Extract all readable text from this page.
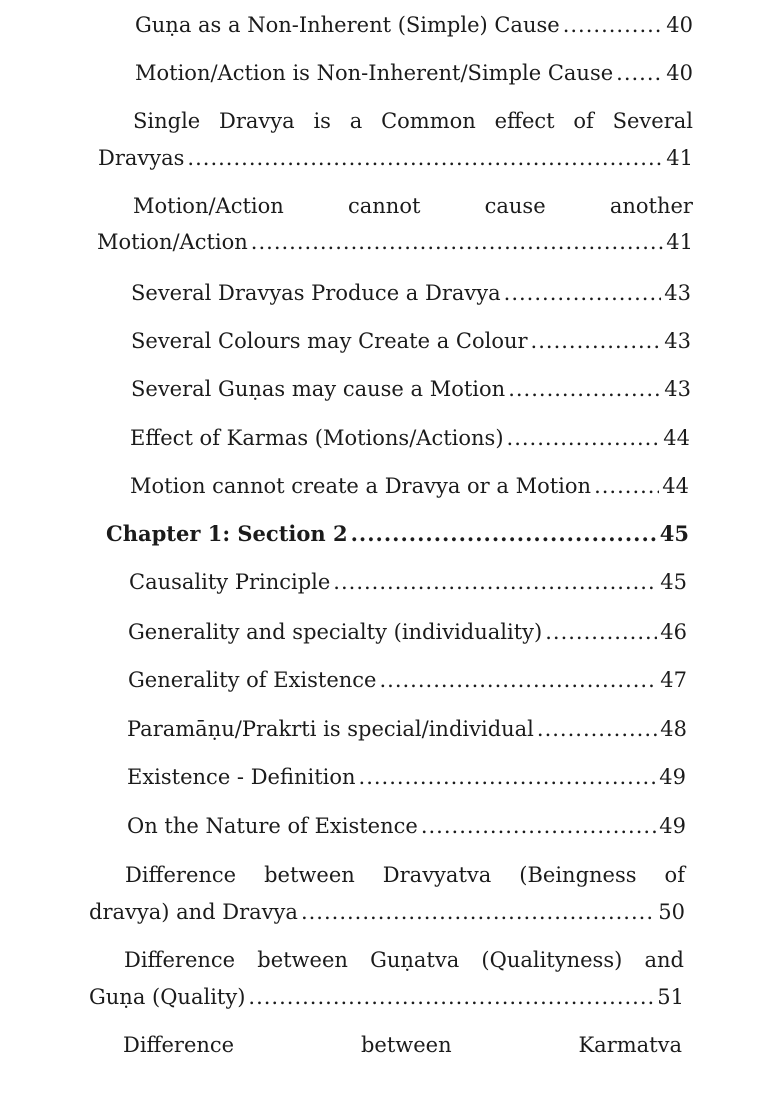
Guṇa as a Non-Inherent (Simple) Cause .....	40
Motion/Action is Non-Inherent/Simple Cause .....	40
Single Dravya is a Common effect of Several
Dravyas .....	41
Motion/Action	cannot	cause	another
Motion/Action .....	41
Several Dravyas Produce a Dravya .....	43
Several Colours may Create a Colour .....	43
Several Guṇas may cause a Motion .....	43
Effect of Karmas (Motions/Actions) .....	44
Motion cannot create a Dravya or a Motion .....	44
Chapter 1: Section 2 .....	45
Causality Principle .....	45
Generality and specialty (individuality) .....	46
Generality of Existence .....	47
Paramāṇu/Prakrti is special/individual .....	48
Existence - Definition .....	49
On the Nature of Existence .....	49
Difference between Dravyatva (Beingness of
dravya) and Dravya .....	50
Difference between Guṇatva (Qualityness) and
Guṇa (Quality) .....	51
Difference	between	Karmatva
